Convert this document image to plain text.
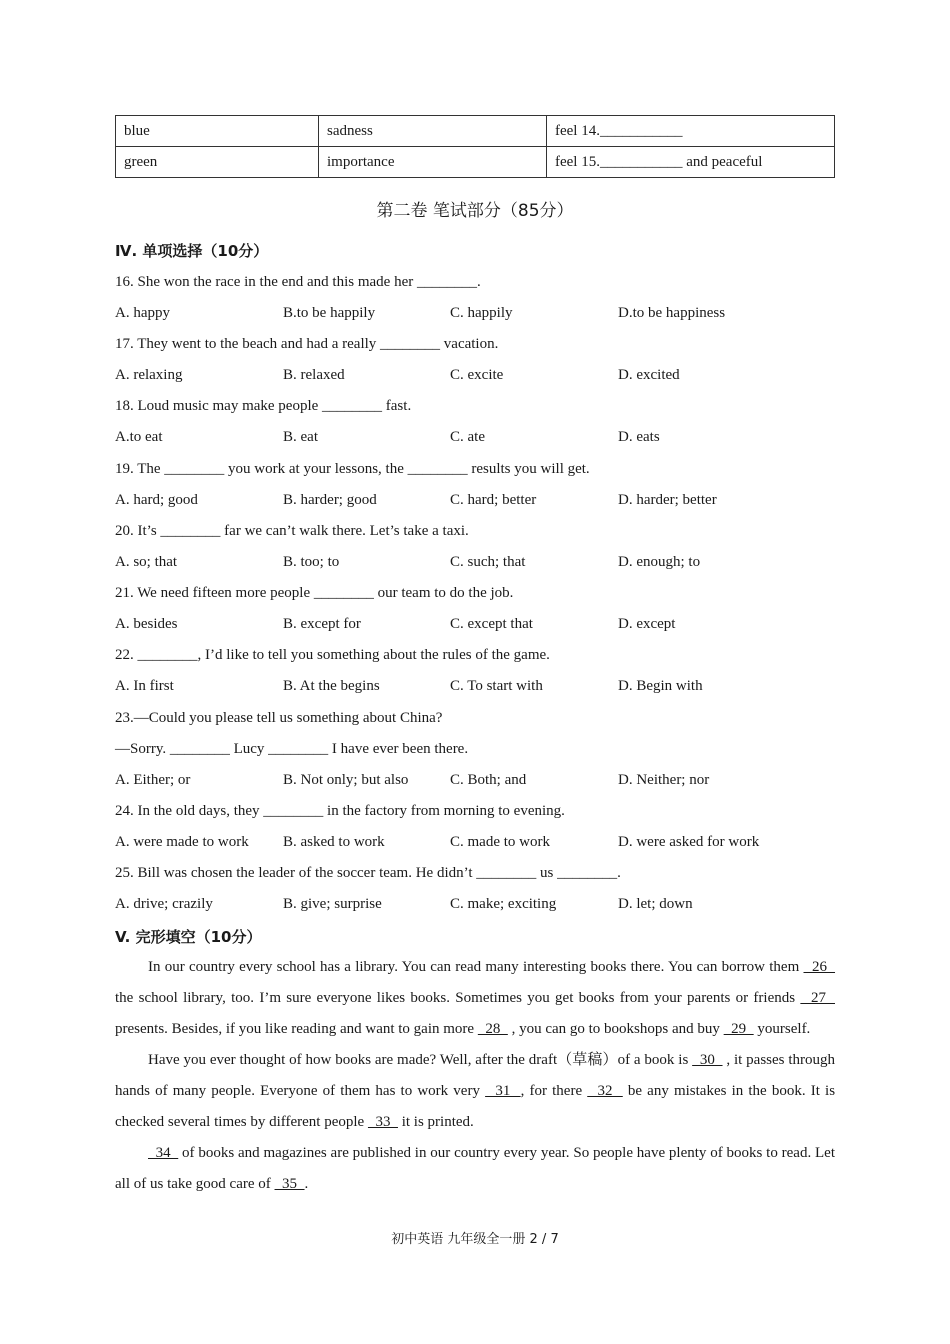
blue	sadness	feel 14.___________
green	importance	feel 15.___________ and peaceful
第二卷 笔试部分（85分）
Ⅳ. 单项选择（10分）
16. She won the race in the end and this made her ________.
A. happy	B.to be happily	C. happily	D.to be happiness
17. They went to the beach and had a really ________ vacation.
A. relaxing	B. relaxed	C. excite	D. excited
18. Loud music may make people ________ fast.
A.to eat	B. eat	C. ate	D. eats
19. The ________ you work at your lessons, the ________ results you will get.
A. hard; good	B. harder; good	C. hard; better	D. harder; better
20. It’s ________ far we can’t walk there. Let’s take a taxi.
A. so; that	B. too; to	C. such; that	D. enough; to
21. We need fifteen more people ________ our team to do the job.
A. besides	B. except for	C. except that	D. except
22. ________, I’d like to tell you something about the rules of the game.
A. In first	B. At the begins	C. To start with	D. Begin with
23.—Could you please tell us something about China?
—Sorry. ________ Lucy ________ I have ever been there.
A. Either; or	B. Not only; but also	C. Both; and	D. Neither; nor
24. In the old days, they ________ in the factory from morning to evening.
A. were made to work B. asked to work	C. made to work	D. were asked for work
25. Bill was chosen the leader of the soccer team. He didn’t ________ us ________.
A. drive; crazily	B. give; surprise	C. make; exciting	D. let; down
V. 完形填空（10分）
In our country every school has a library. You can read many interesting books there. You can borrow them   26   the school library, too. I’m sure everyone likes books. Sometimes you get books from your parents or friends   27   presents. Besides, if you like reading and want to gain more   28   , you can go to bookshops and buy   29   yourself.
Have you ever thought of how books are made? Well, after the draft（草稿）of a book is   30   , it passes through hands of many people. Everyone of them has to work very   31  , for there   32   be any mistakes in the book. It is checked several times by different people   33   it is printed.
34   of books and magazines are published in our country every year. So people have plenty of books to read. Let all of us take good care of   35  .
初中英语 九年级全一册 2 / 7
